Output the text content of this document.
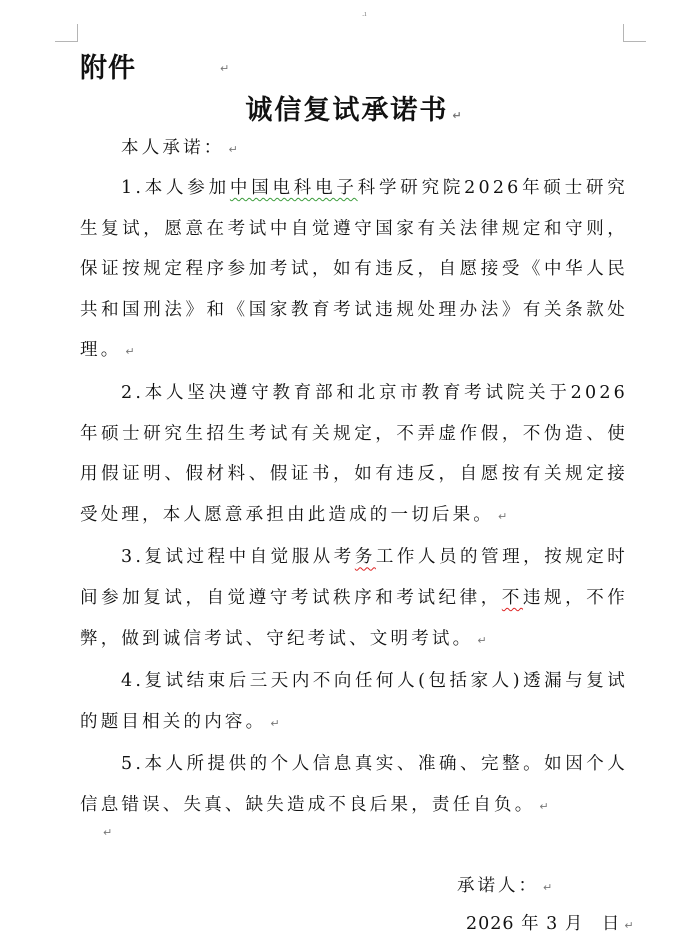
.ı
附件	↵
诚信复试承诺书 ↵
本人承诺： ↵

1.本人参加中国电科电子科学研究院2026年硕士研究生复试，愿意在考试中自觉遵守国家有关法律规定和守则，保证按规定程序参加考试，如有违反，自愿接受《中华人民共和国刑法》和《国家教育考试违规处理办法》有关条款处理。 ↵

2.本人坚决遵守教育部和北京市教育考试院关于2026年硕士研究生招生考试有关规定，不弄虚作假，不伪造、使用假证明、假材料、假证书，如有违反，自愿按有关规定接受处理，本人愿意承担由此造成的一切后果。 ↵

3.复试过程中自觉服从考务工作人员的管理，按规定时间参加复试，自觉遵守考试秩序和考试纪律，不违规，不作弊，做到诚信考试、守纪考试、文明考试。 ↵

4.复试结束后三天内不向任何人(包括家人)透漏与复试的题目相关的内容。 ↵

5.本人所提供的个人信息真实、准确、完整。如因个人信息错误、失真、缺失造成不良后果，责任自负。 ↵

↵
承诺人： ↵
2026 年 3 月　日 ↵
